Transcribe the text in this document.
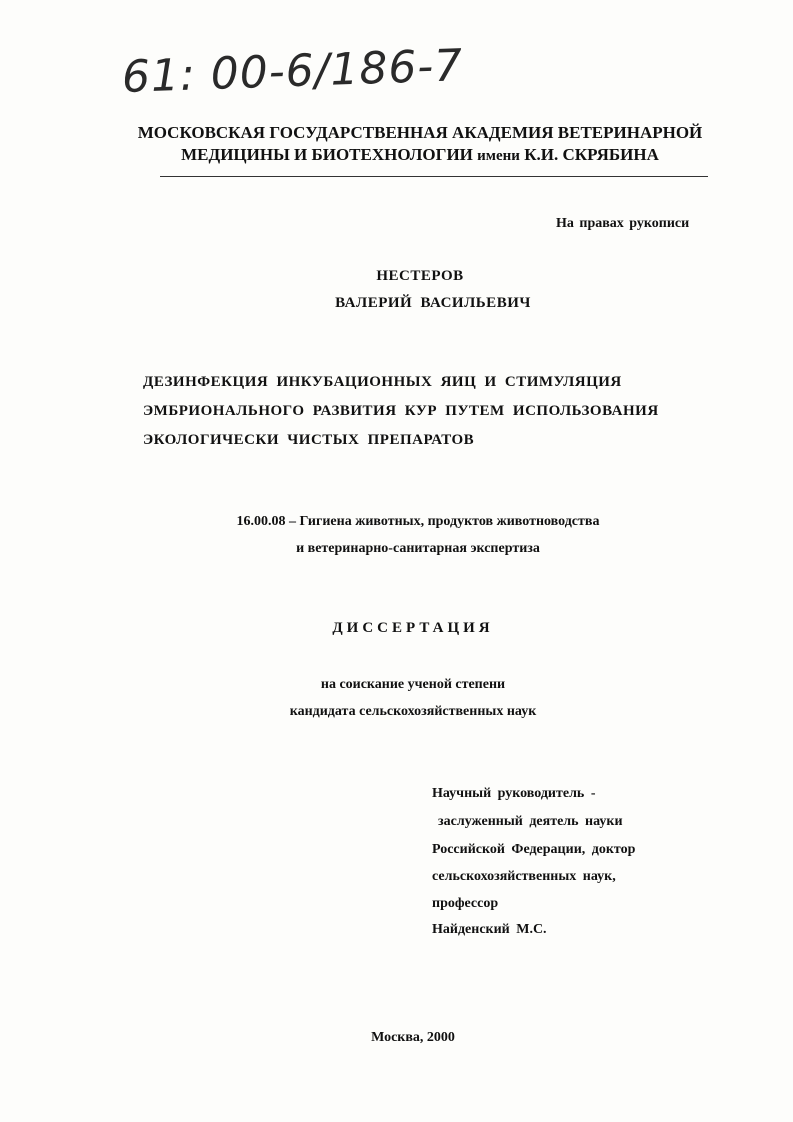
61: 00-6/186-7
МОСКОВСКАЯ ГОСУДАРСТВЕННАЯ АКАДЕМИЯ ВЕТЕРИНАРНОЙ
МЕДИЦИНЫ И БИОТЕХНОЛОГИИ имени К.И. СКРЯБИНА
На правах рукописи
НЕСТЕРОВ
ВАЛЕРИЙ ВАСИЛЬЕВИЧ
ДЕЗИНФЕКЦИЯ ИНКУБАЦИОННЫХ ЯИЦ И СТИМУЛЯЦИЯ
ЭМБРИОНАЛЬНОГО РАЗВИТИЯ КУР ПУТЕМ ИСПОЛЬЗОВАНИЯ
ЭКОЛОГИЧЕСКИ ЧИСТЫХ ПРЕПАРАТОВ
16.00.08 – Гигиена животных, продуктов животноводства
и ветеринарно-санитарная экспертиза
ДИССЕРТАЦИЯ
на соискание ученой степени
кандидата сельскохозяйственных наук
Научный руководитель -
заслуженный деятель науки
Российской Федерации, доктор
сельскохозяйственных наук,
профессор
Найденский М.С.
Москва, 2000
